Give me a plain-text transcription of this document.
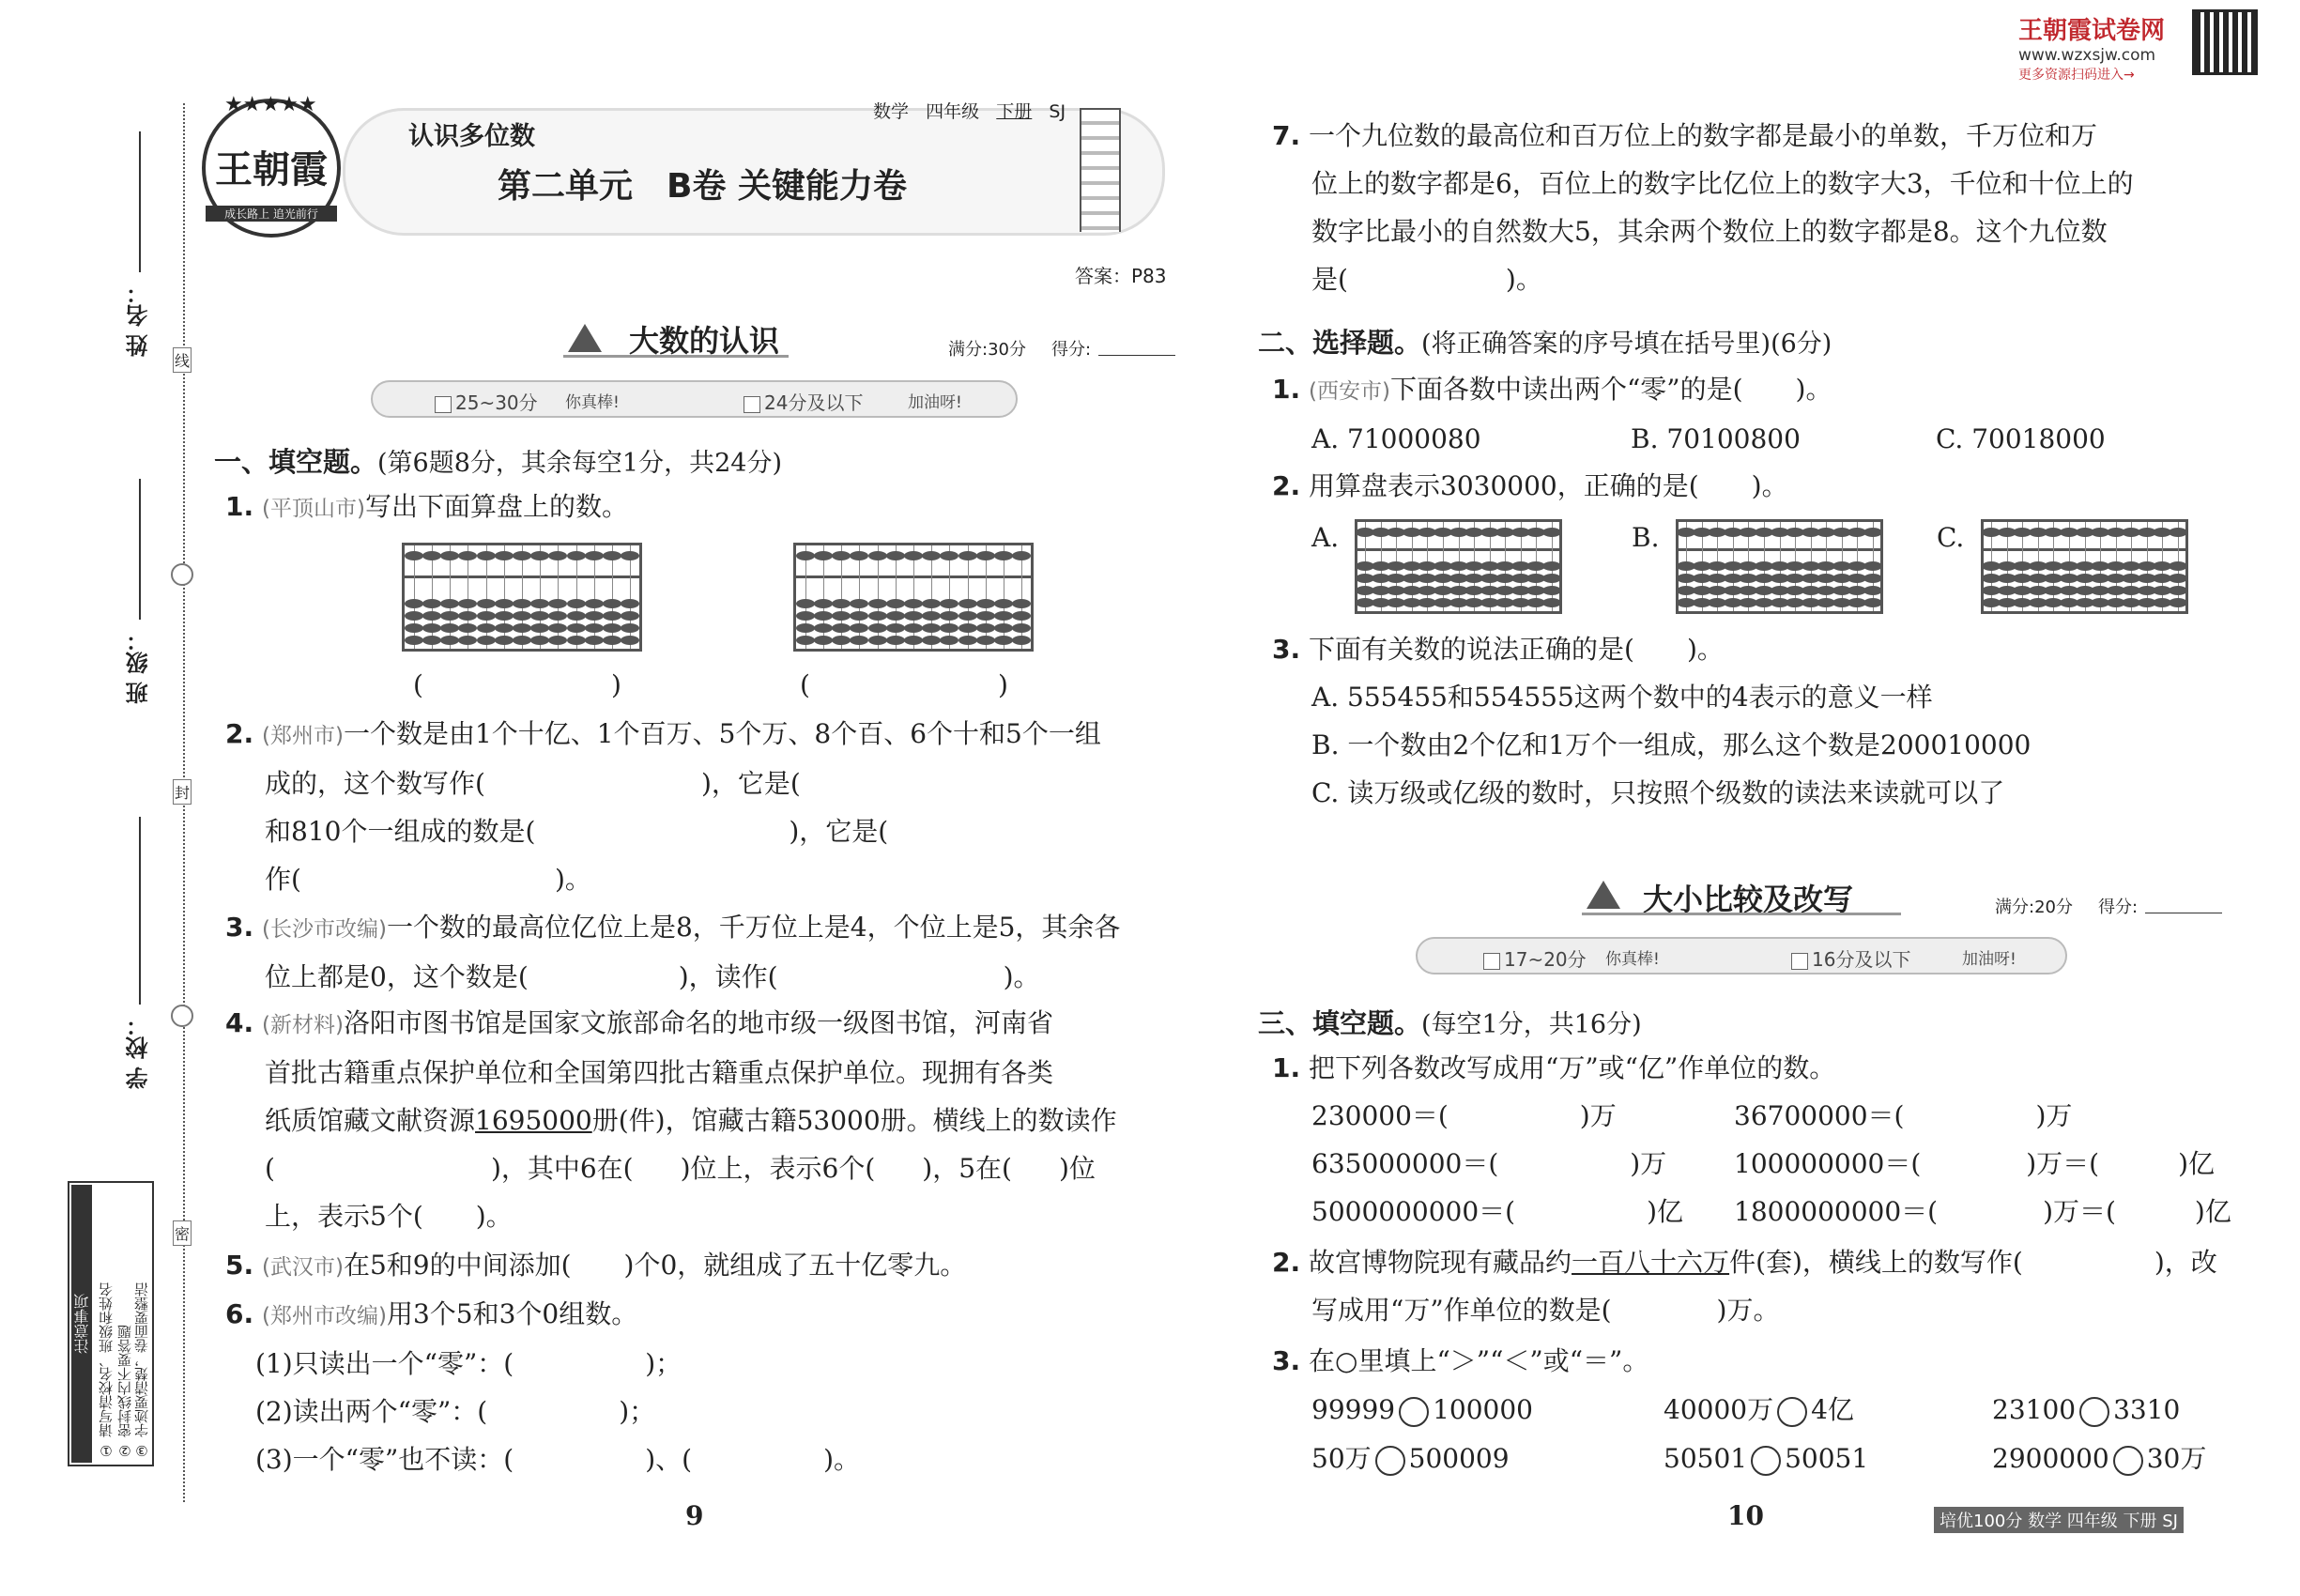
王朝霞试卷网
www.wzxsjw.com
更多资源扫码进入→
姓 名：
班 级：
学 校：
线
封
密
注意事项 ① 请写清校名、班级和姓名 ② 密封线内不要答题 ③ 字迹要清楚，卷面要整洁
★★★★★
王朝霞
成长路上 追光前行
认识多位数
数学 四年级 下册 SJ
第二单元　B卷 关键能力卷
答案：P83
大数的认识	满分:30分 得分:
25~30分 你真棒!	24分及以下	加油呀!
一、填空题。(第6题8分，其余每空1分，共24分)
1. (平顶山市)写出下面算盘上的数。
(	)	(	)
2. (郑州市)一个数是由1个十亿、1个百万、5个万、8个百、6个十和5个一组
成的，这个数写作(	)，它是(
和810个一组成的数是(	)，它是(
作(	)。
3. (长沙市改编)一个数的最高位亿位上是8，千万位上是4，个位上是5，其余各
位上都是0，这个数是(	)，读作(	)。
4. (新材料)洛阳市图书馆是国家文旅部命名的地市级一级图书馆，河南省
首批古籍重点保护单位和全国第四批古籍重点保护单位。现拥有各类
纸质馆藏文献资源1695000册(件)，馆藏古籍53000册。横线上的数读作
(	)，其中6在( )位上，表示6个( )，5在( )位
上，表示5个(　　)。
5. (武汉市)在5和9的中间添加(　　)个0，就组成了五十亿零九。
6. (郑州市改编)用3个5和3个0组数。
(1)只读出一个“零”：(　　　　　)；
(2)读出两个“零”：(　　　　　)；
(3)一个“零”也不读：(　　　　　)、(　　　　　)。
9
7. 一个九位数的最高位和百万位上的数字都是最小的单数，千万位和万
位上的数字都是6，百位上的数字比亿位上的数字大3，千位和十位上的
数字比最小的自然数大5，其余两个数位上的数字都是8。这个九位数
是(　　　　　　)。
二、选择题。(将正确答案的序号填在括号里)(6分)
1. (西安市)下面各数中读出两个“零”的是(　　)。
A. 71000080	B. 70100800	C. 70018000
2. 用算盘表示3030000，正确的是(　　)。
A.	B.	C.
3. 下面有关数的说法正确的是(　　)。
A. 555455和554555这两个数中的4表示的意义一样
B. 一个数由2个亿和1万个一组成，那么这个数是200010000
C. 读万级或亿级的数时，只按照个级数的读法来读就可以了
大小比较及改写	满分:20分 得分:
17~20分 你真棒!	16分及以下	加油呀!
三、填空题。(每空1分，共16分)
1. 把下列各数改写成用“万”或“亿”作单位的数。
230000＝(　　　　　)万	36700000＝(　　　　　)万
635000000＝(　　　　　)万	100000000＝(　　　　)万＝(　　　)亿
5000000000＝(　　　　　)亿 1800000000＝(　　　　)万＝(　　　)亿
2. 故宫博物院现有藏品约一百八十六万件(套)，横线上的数写作(　　　　　)，改
写成用“万”作单位的数是(　　　　)万。
3. 在○里填上“＞”“＜”或“＝”。
99999 100000	40000万 4亿	23100 3310
50万 500009	50501 50051	2900000 30万
10	培优100分 数学 四年级 下册 SJ
